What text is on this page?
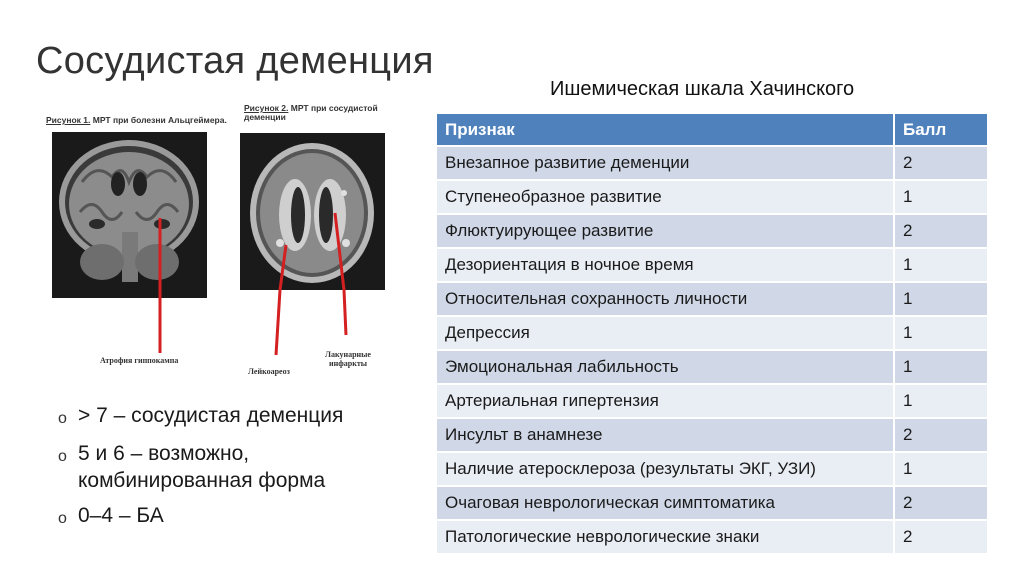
Сосудистая деменция
Рисунок 1. МРТ при болезни Альцгеймера.
Атрофия гиппокампа
Рисунок 2. МРТ при сосудистой деменции
Лейкоареоз
Лакунарные инфаркты
o > 7 – сосудистая деменция
o 5 и 6 – возможно, комбинированная форма
o 0–4 – БА
Ишемическая шкала Хачинского
Признак	Балл
Внезапное развитие деменции	2
Ступенеобразное развитие	1
Флюктуирующее развитие	2
Дезориентация в ночное время	1
Относительная сохранность личности	1
Депрессия	1
Эмоциональная лабильность	1
Артериальная гипертензия	1
Инсульт в анамнезе	2
Наличие атеросклероза (результаты ЭКГ, УЗИ)	1
Очаговая неврологическая симптоматика	2
Патологические неврологические знаки	2
